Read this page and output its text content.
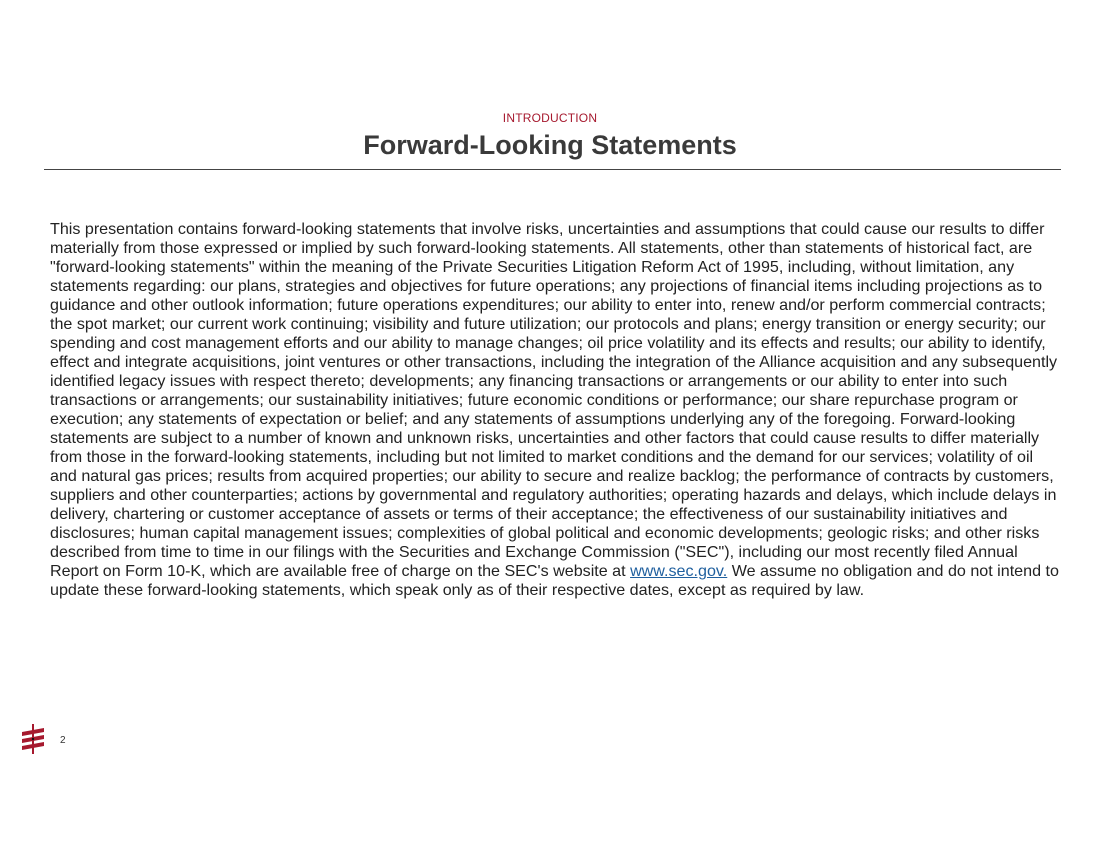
INTRODUCTION
Forward-Looking Statements

This presentation contains forward-looking statements that involve risks, uncertainties and assumptions that could cause our results to differ materially from those expressed or implied by such forward-looking statements. All statements, other than statements of historical fact, are "forward-looking statements" within the meaning of the Private Securities Litigation Reform Act of 1995, including, without limitation, any statements regarding: our plans, strategies and objectives for future operations; any projections of financial items including projections as to guidance and other outlook information; future operations expenditures; our ability to enter into, renew and/or perform commercial contracts; the spot market; our current work continuing; visibility and future utilization; our protocols and plans; energy transition or energy security; our spending and cost management efforts and our ability to manage changes; oil price volatility and its effects and results; our ability to identify, effect and integrate acquisitions, joint ventures or other transactions, including the integration of the Alliance acquisition and any subsequently identified legacy issues with respect thereto; developments; any financing transactions or arrangements or our ability to enter into such transactions or arrangements; our sustainability initiatives; future economic conditions or performance; our share repurchase program or execution; any statements of expectation or belief; and any statements of assumptions underlying any of the foregoing. Forward-looking statements are subject to a number of known and unknown risks, uncertainties and other factors that could cause results to differ materially from those in the forward-looking statements, including but not limited to market conditions and the demand for our services; volatility of oil and natural gas prices; results from acquired properties; our ability to secure and realize backlog; the performance of contracts by customers, suppliers and other counterparties; actions by governmental and regulatory authorities; operating hazards and delays, which include delays in delivery, chartering or customer acceptance of assets or terms of their acceptance; the effectiveness of our sustainability initiatives and disclosures; human capital management issues; complexities of global political and economic developments; geologic risks; and other risks described from time to time in our filings with the Securities and Exchange Commission ("SEC"), including our most recently filed Annual Report on Form 10-K, which are available free of charge on the SEC's website at www.sec.gov. We assume no obligation and do not intend to update these forward-looking statements, which speak only as of their respective dates, except as required by law.

2
